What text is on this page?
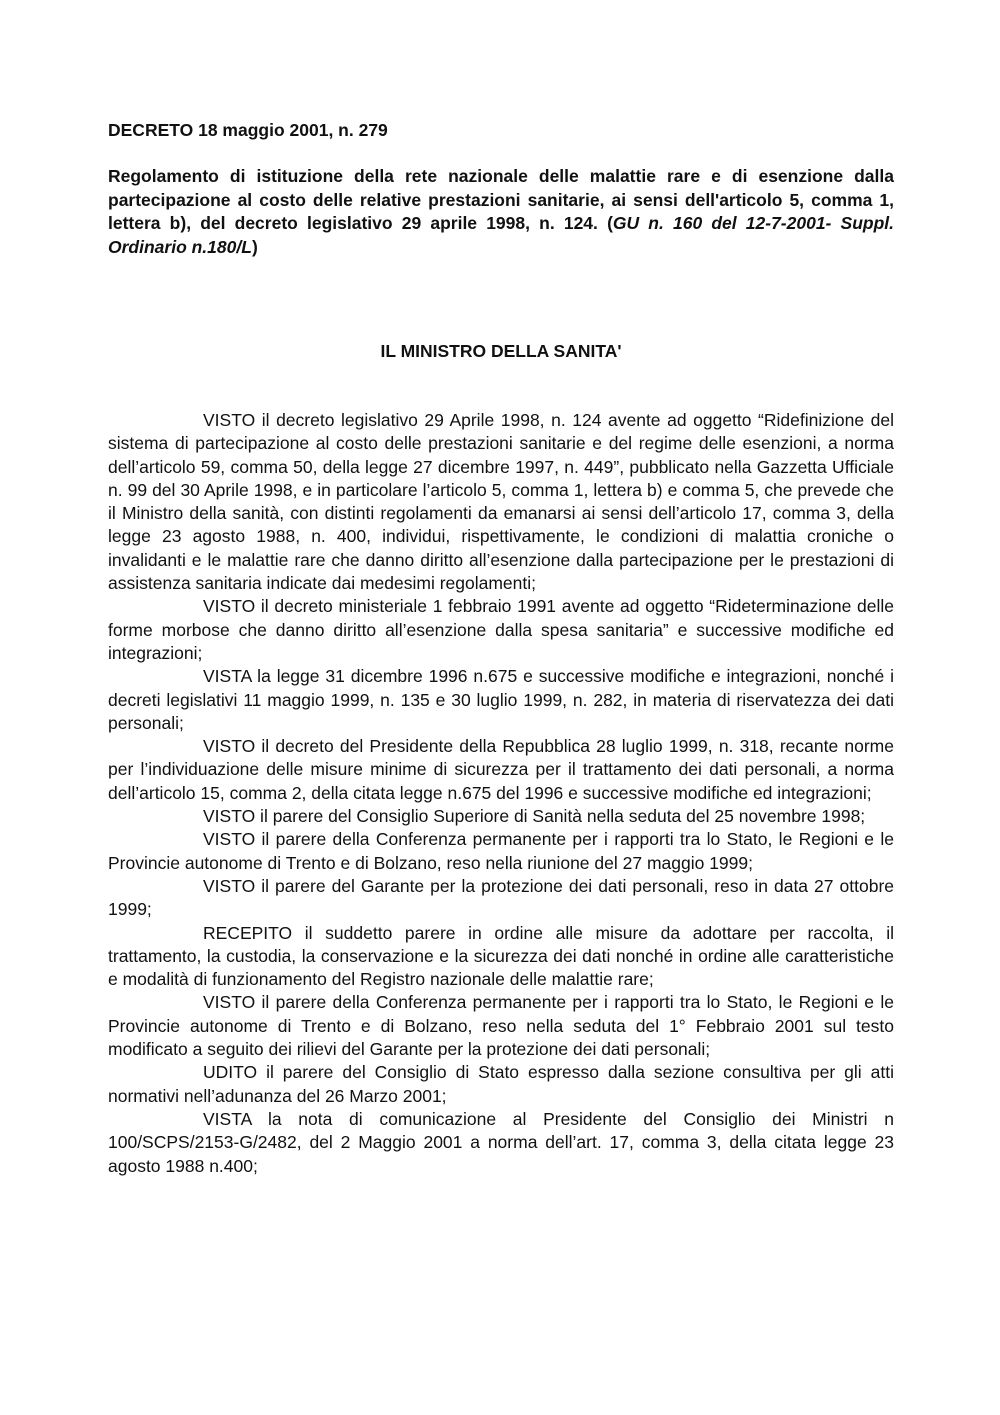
DECRETO 18 maggio 2001, n. 279

Regolamento di istituzione della rete nazionale delle malattie rare e di esenzione dalla partecipazione al costo delle relative prestazioni sanitarie, ai sensi dell'articolo 5, comma 1, lettera b), del decreto legislativo 29 aprile 1998, n. 124. (GU n. 160 del 12-7-2001- Suppl. Ordinario n.180/L)

IL MINISTRO DELLA SANITA'

VISTO il decreto legislativo 29 Aprile 1998, n. 124 avente ad oggetto “Ridefinizione del sistema di partecipazione al costo delle prestazioni sanitarie e del regime delle esenzioni, a norma dell’articolo 59, comma 50, della legge 27 dicembre 1997, n. 449”, pubblicato nella Gazzetta Ufficiale n. 99 del 30 Aprile 1998, e in particolare l’articolo 5, comma 1, lettera b) e comma 5, che prevede che il Ministro della sanità, con distinti regolamenti da emanarsi ai sensi dell’articolo 17, comma 3, della legge 23 agosto 1988, n. 400, individui, rispettivamente, le condizioni di malattia croniche o invalidanti e le malattie rare che danno diritto all’esenzione dalla partecipazione per le prestazioni di assistenza sanitaria indicate dai medesimi regolamenti;

VISTO il decreto ministeriale 1 febbraio 1991 avente ad oggetto “Rideterminazione delle forme morbose che danno diritto all’esenzione dalla spesa sanitaria” e successive modifiche ed integrazioni;

VISTA la legge 31 dicembre 1996 n.675 e successive modifiche e integrazioni, nonché i decreti legislativi 11 maggio 1999, n. 135 e 30 luglio 1999, n. 282, in materia di riservatezza dei dati personali;

VISTO il decreto del Presidente della Repubblica 28 luglio 1999, n. 318, recante norme per l’individuazione delle misure minime di sicurezza per il trattamento dei dati personali, a norma dell’articolo 15, comma 2, della citata legge n.675 del 1996 e successive modifiche ed integrazioni;

VISTO il parere del Consiglio Superiore di Sanità nella seduta del 25 novembre 1998;

VISTO il parere della Conferenza permanente per i rapporti tra lo Stato, le Regioni e le Provincie autonome di Trento e di Bolzano, reso nella riunione del 27 maggio 1999;

VISTO il parere del Garante per la protezione dei dati personali, reso in data 27 ottobre 1999;

RECEPITO il suddetto parere in ordine alle misure da adottare per raccolta, il trattamento, la custodia, la conservazione e la sicurezza dei dati nonché in ordine alle caratteristiche e modalità di funzionamento del Registro nazionale delle malattie rare;

VISTO il parere della Conferenza permanente per i rapporti tra lo Stato, le Regioni e le Provincie autonome di Trento e di Bolzano, reso nella seduta del 1° Febbraio 2001 sul testo modificato a seguito dei rilievi del Garante per la protezione dei dati personali;

UDITO il parere del Consiglio di Stato espresso dalla sezione consultiva per gli atti normativi nell’adunanza del 26 Marzo 2001;

VISTA la nota di comunicazione al Presidente del Consiglio dei Ministri n 100/SCPS/2153-G/2482, del 2 Maggio 2001 a norma dell’art. 17, comma 3, della citata legge 23 agosto 1988 n.400;
